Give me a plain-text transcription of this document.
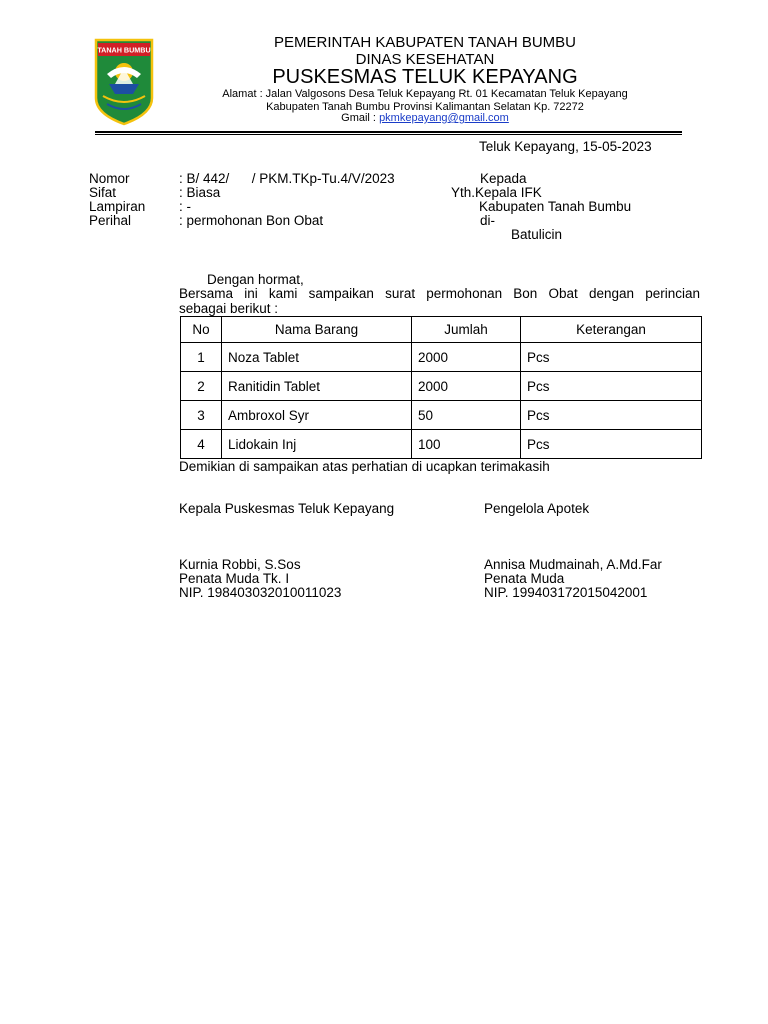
TANAH BUMBU	PEMERINTAH KABUPATEN TANAH BUMBU
DINAS KESEHATAN
PUSKESMAS TELUK KEPAYANG
Alamat : Jalan Valgosons Desa Teluk Kepayang Rt. 01 Kecamatan Teluk Kepayang
Kabupaten Tanah Bumbu Provinsi Kalimantan Selatan Kp. 72272
Gmail : pkmkepayang@gmail.com
Teluk Kepayang, 15-05-2023
Nomor	: B/ 442/      / PKM.TKp-Tu.4/V/2023
Sifat	: Biasa
Lampiran : -
Perihal	: permohonan Bon Obat
Kepada
Yth.Kepala IFK
Kabupaten Tanah Bumbu
di-
Batulicin
Dengan hormat,
Bersama ini kami sampaikan surat permohonan Bon Obat dengan perincian
sebagai berikut :
No	Nama Barang	Jumlah	Keterangan
1	Noza Tablet	2000	Pcs
2	Ranitidin Tablet	2000	Pcs
3	Ambroxol Syr	50	Pcs
4	Lidokain Inj	100	Pcs
Demikian di sampaikan atas perhatian di ucapkan terimakasih
Kepala Puskesmas Teluk Kepayang
Kurnia Robbi, S.Sos
Penata Muda Tk. I
NIP. 198403032010011023
Pengelola Apotek
Annisa Mudmainah, A.Md.Far
Penata Muda
NIP. 199403172015042001
